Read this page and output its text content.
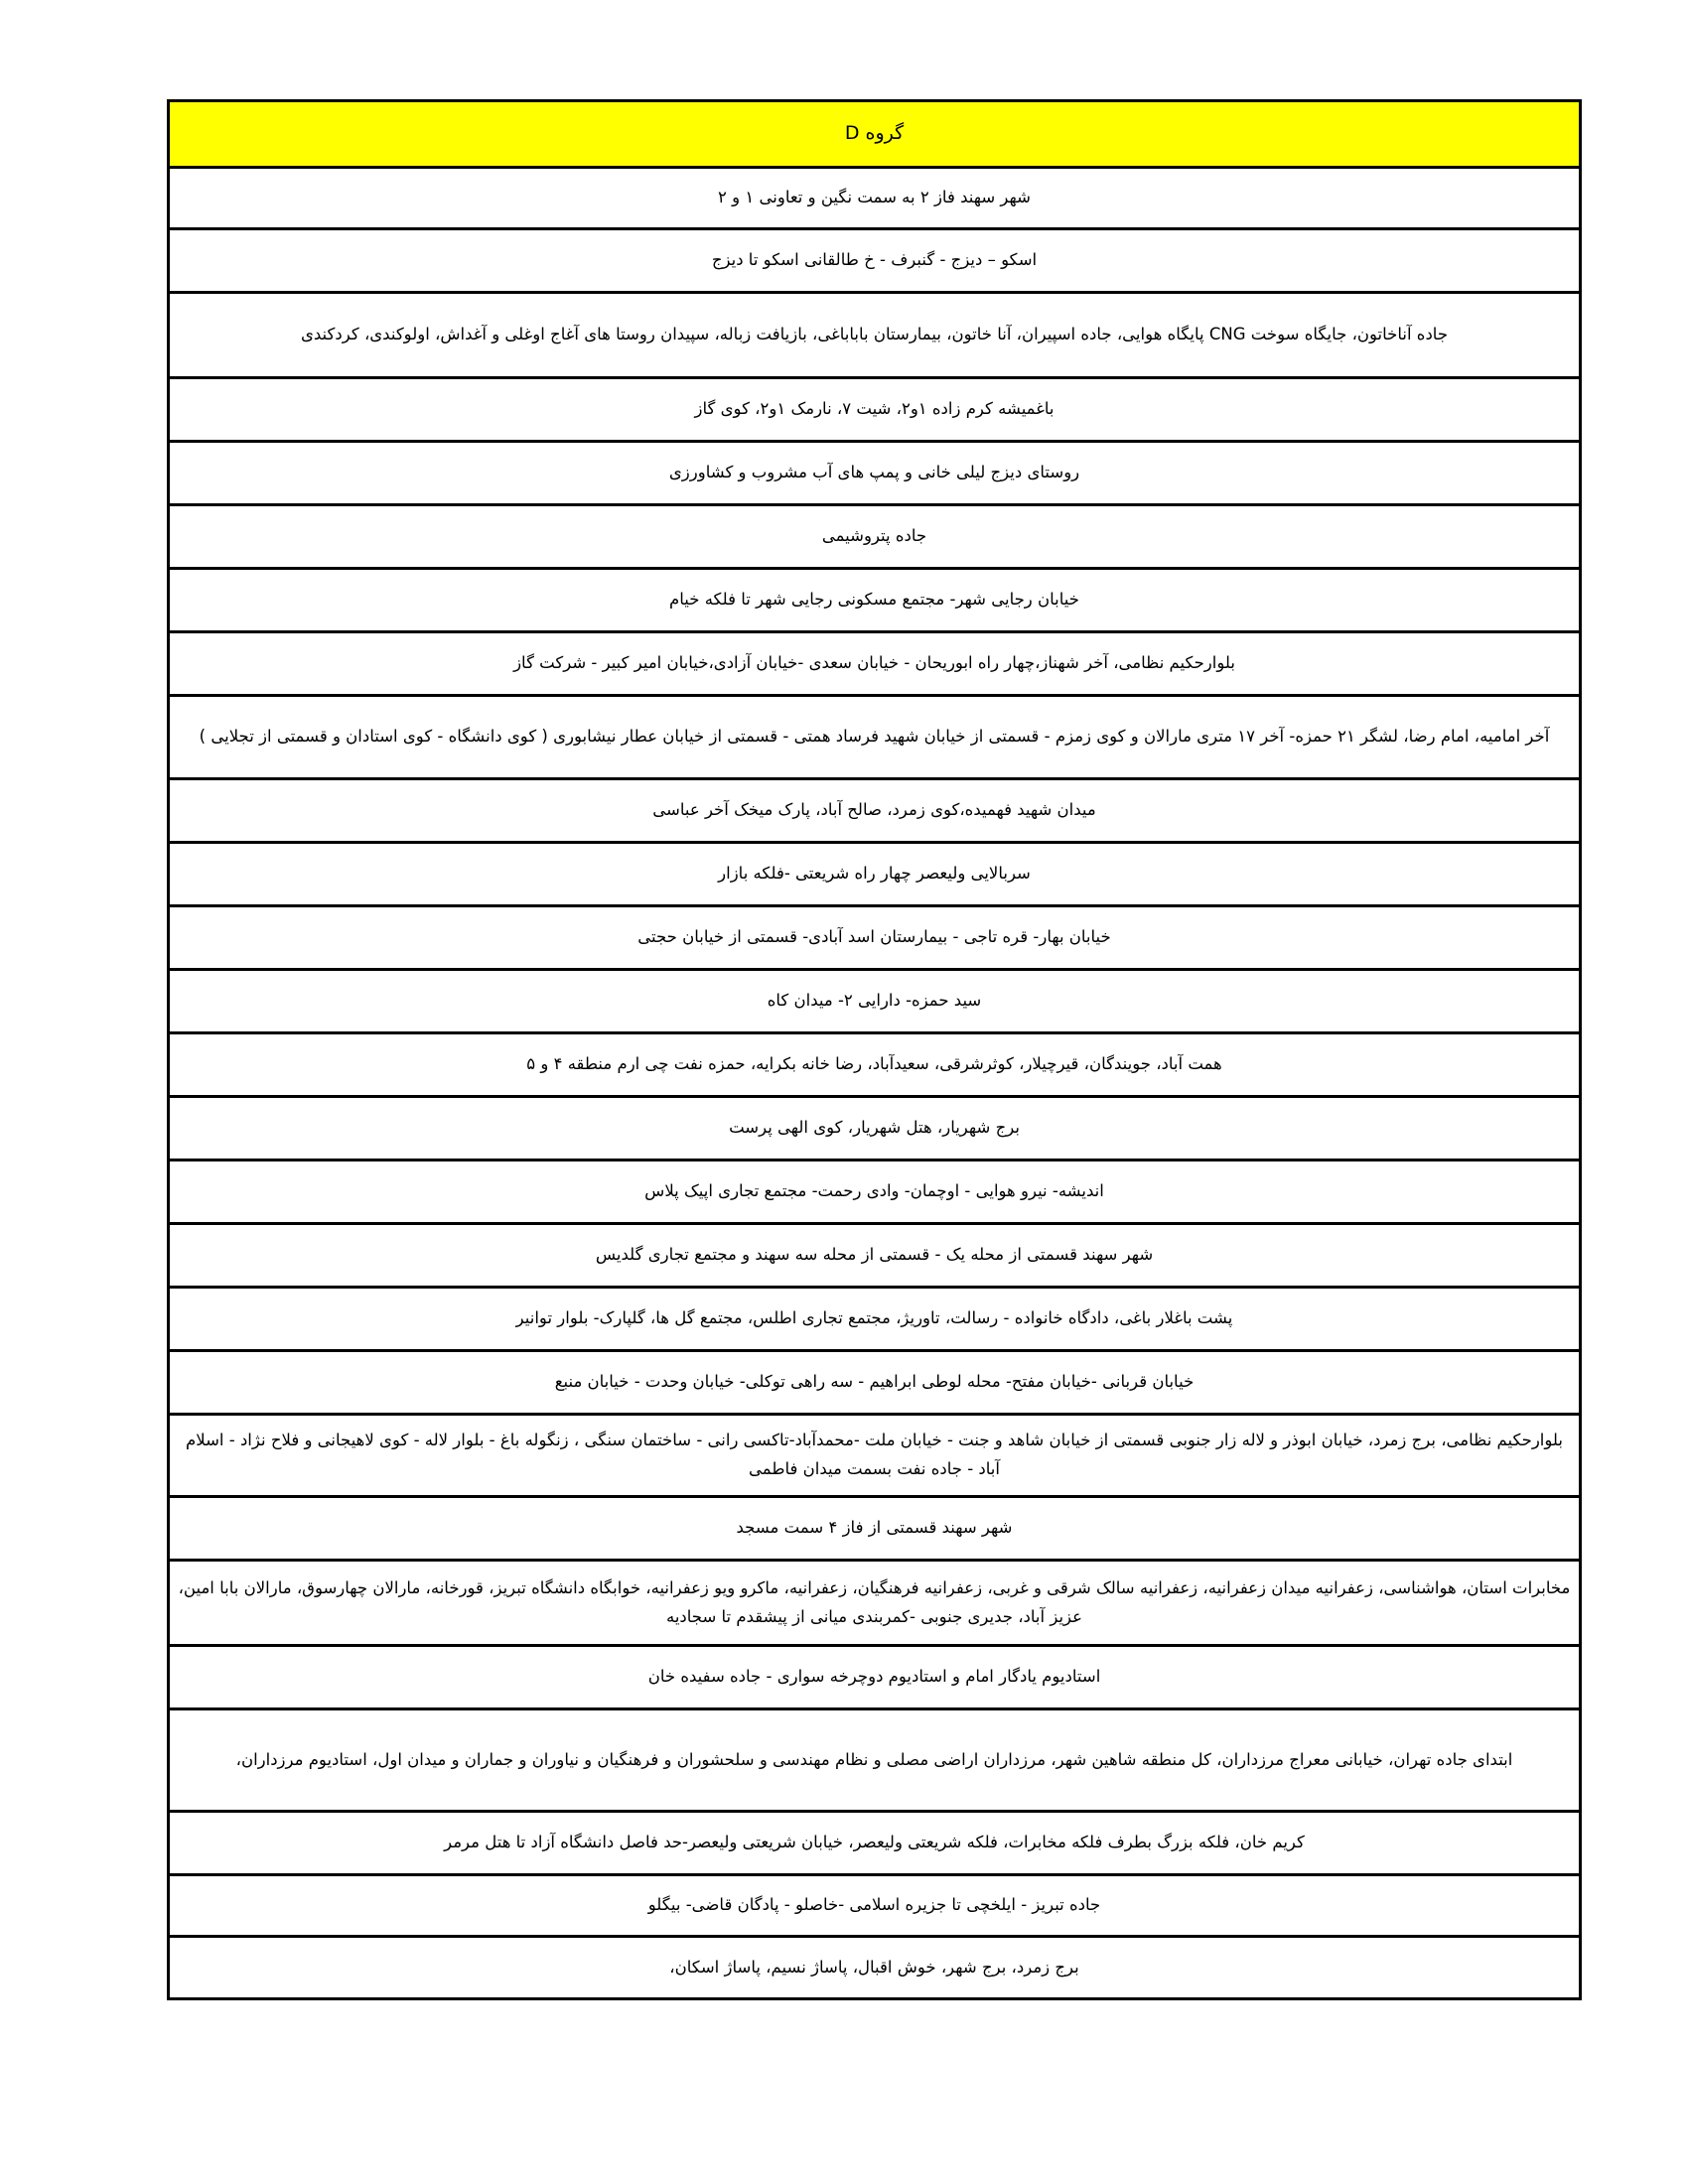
گروه D
شهر سهند فاز ۲ به سمت نگین و تعاونی ۱ و ۲
اسکو – دیزج - گنبرف - خ طالقانی اسکو تا دیزج
جاده آناخاتون، جایگاه سوخت CNG پایگاه هوایی، جاده اسپیران، آنا خاتون، بیمارستان باباباغی، بازیافت زباله، سپیدان روستا های آغاج اوغلی و آغداش، اولوکندی، کردکندی
باغمیشه کرم زاده ۱و۲، شیت ۷، نارمک ۱و۲، کوی گاز
روستای دیزج لیلی خانی و پمپ های آب مشروب و کشاورزی
جاده پتروشیمی
خیابان رجایی شهر- مجتمع مسکونی رجایی شهر تا فلکه خیام
بلوارحکیم نظامی، آخر شهناز،چهار راه ابوریحان - خیابان سعدی -خیابان آزادی،خیابان امیر کبیر - شرکت گاز
آخر امامیه، امام رضا، لشگر ۲۱ حمزه- آخر ۱۷ متری مارالان و کوی زمزم - قسمتی از خیابان شهید فرساد همتی - قسمتی از خیابان عطار نیشابوری ( کوی دانشگاه - کوی استادان و قسمتی از تجلایی )
میدان شهید فهمیده،کوی زمرد، صالح آباد، پارک میخک آخر عباسی
سربالایی ولیعصر چهار راه شریعتی -فلکه بازار
خیابان بهار- قره تاجی - بیمارستان اسد آبادی- قسمتی از خیابان حجتی
سید حمزه- دارایی ۲- میدان کاه
همت آباد، جویندگان، قیرچیلار، کوثرشرقی، سعیدآباد، رضا خانه بکرایه، حمزه نفت چی ارم منطقه ۴ و ۵
برج شهریار، هتل شهریار، کوی الهی پرست
اندیشه- نیرو هوایی - اوچمان- وادی رحمت- مجتمع تجاری اپیک پلاس
شهر سهند قسمتی از محله یک - قسمتی از محله سه سهند و مجتمع تجاری گلدیس
پشت باغلار باغی، دادگاه خانواده - رسالت، تاوریژ، مجتمع تجاری اطلس، مجتمع گل ها، گلپارک- بلوار توانیر
خیابان قربانی -خیابان مفتح- محله لوطی ابراهیم - سه راهی توکلی- خیابان وحدت - خیابان منبع
بلوارحکیم نظامی، برج زمرد، خیابان ابوذر و لاله زار جنوبی قسمتی از خیابان شاهد و جنت - خیابان ملت -محمدآباد-تاکسی رانی - ساختمان سنگی ، زنگوله باغ - بلوار لاله - کوی لاهیجانی و فلاح نژاد - اسلام آباد - جاده نفت بسمت میدان فاطمی
شهر سهند قسمتی از فاز ۴ سمت مسجد
مخابرات استان، هواشناسی، زعفرانیه میدان زعفرانیه، زعفرانیه سالک شرقی و غربی، زعفرانیه فرهنگیان، زعفرانیه، ماکرو ویو زعفرانیه، خوابگاه دانشگاه تبریز، قورخانه، مارالان چهارسوق، مارالان بابا امین، عزیز آباد، جدیری جنوبی -کمربندی میانی از پیشقدم تا سجادیه
استادیوم یادگار امام و استادیوم دوچرخه سواری - جاده سفیده خان
ابتدای جاده تهران، خیابانی معراج مرزداران، کل منطقه شاهین شهر، مرزداران اراضی مصلی و نظام مهندسی و سلحشوران و فرهنگیان و نیاوران و جماران و میدان اول، استادیوم مرزداران،
کریم خان، فلکه بزرگ بطرف فلکه مخابرات، فلکه شریعتی ولیعصر، خیابان شریعتی ولیعصر-حد فاصل دانشگاه آزاد تا هتل مرمر
جاده تبریز - ایلخچی تا جزیره اسلامی -خاصلو - پادگان قاضی- بیگلو
برج زمرد، برج شهر، خوش اقبال، پاساژ نسیم، پاساژ اسکان،
